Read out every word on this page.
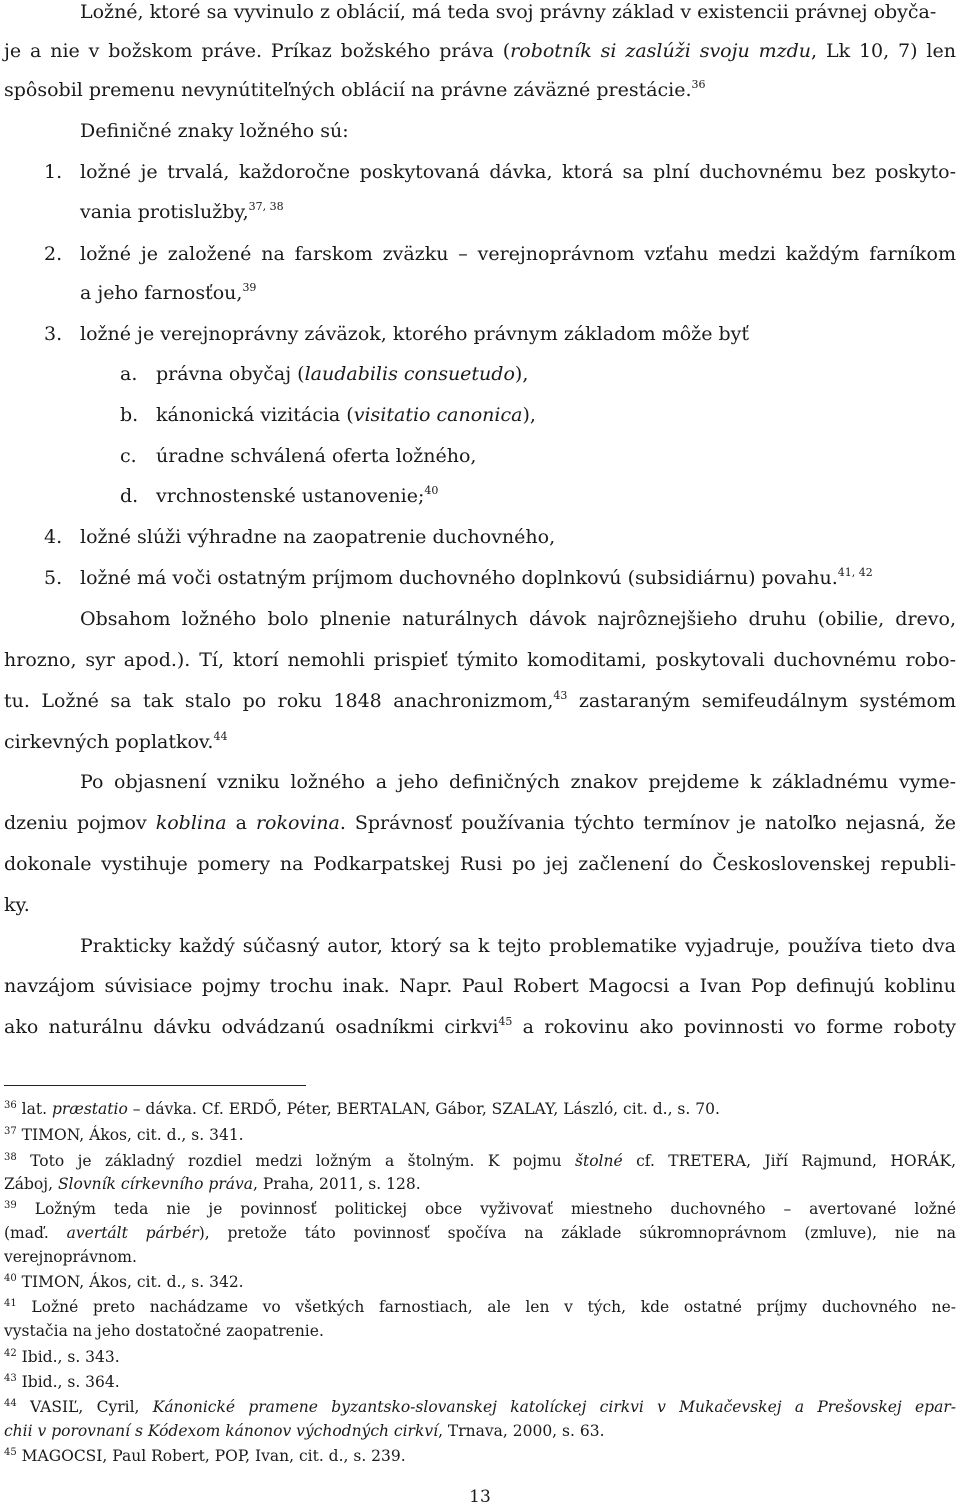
Ložné, ktoré sa vyvinulo z oblácií, má teda svoj právny základ v existencii právnej obyča-
je a nie v božskom práve. Príkaz božského práva (robotník si zaslúži svoju mzdu, Lk 10, 7) len
spôsobil premenu nevynútiteľných oblácií na právne záväzné prestácie.$^{36}$
Definičné znaky ložného sú:
1. ložné je trvalá, každoročne poskytovaná dávka, ktorá sa plní duchovnému bez poskyto-
vania protislužby,$^{37, 38}$
2. ložné je založené na farskom zväzku – verejnoprávnom vzťahu medzi každým farníkom
a jeho farnosťou,$^{39}$
3. ložné je verejnoprávny záväzok, ktorého právnym základom môže byť
a. právna obyčaj (laudabilis consuetudo),
b. kánonická vizitácia (visitatio canonica),
c.	úradne schválená oferta ložného,
d. vrchnostenské ustanovenie;$^{40}$
4. ložné slúži výhradne na zaopatrenie duchovného,
5. ložné má voči ostatným príjmom duchovného doplnkovú (subsidiárnu) povahu.$^{41, 42}$
Obsahom ložného bolo plnenie naturálnych dávok najrôznejšieho druhu (obilie, drevo,
hrozno, syr apod.). Tí, ktorí nemohli prispieť týmito komoditami, poskytovali duchovnému robo-
tu. Ložné sa tak stalo po roku 1848 anachronizmom,$^{43}$ zastaraným semifeudálnym systémom
cirkevných poplatkov.$^{44}$
Po objasnení vzniku ložného a jeho definičných znakov prejdeme k základnému vyme-
dzeniu pojmov koblina a rokovina. Správnosť používania týchto termínov je natoľko nejasná, že
dokonale vystihuje pomery na Podkarpatskej Rusi po jej začlenení do Československej republi-
ky.
Prakticky každý súčasný autor, ktorý sa k tejto problematike vyjadruje, používa tieto dva
navzájom súvisiace pojmy trochu inak. Napr. Paul Robert Magocsi a Ivan Pop definujú koblinu
ako naturálnu dávku odvádzanú osadníkmi cirkvi$^{45}$ a rokovinu ako povinnosti vo forme roboty
$^{36}$ lat. præstatio – dávka. Cf. ERDŐ, Péter, BERTALAN, Gábor, SZALAY, László, cit. d., s. 70.
$^{37}$ TIMON, Ákos, cit. d., s. 341.
$^{38}$ Toto je základný rozdiel medzi ložným a štolným. K pojmu štolné cf. TRETERA, Jiří Rajmund, HORÁK,
Záboj, Slovník církevního práva, Praha, 2011, s. 128.
$^{39}$ Ložným teda nie je povinnosť politickej obce vyživovať miestneho duchovného – avertované ložné
(maď. avertált párbér), pretože táto povinnosť spočíva na základe súkromnoprávnom (zmluve), nie na
verejnoprávnom.
$^{40}$ TIMON, Ákos, cit. d., s. 342.
$^{41}$ Ložné preto nachádzame vo všetkých farnostiach, ale len v tých, kde ostatné príjmy duchovného ne-
vystačia na jeho dostatočné zaopatrenie.
$^{42}$ Ibid., s. 343.
$^{43}$ Ibid., s. 364.
$^{44}$ VASIĽ, Cyril, Kánonické pramene byzantsko-slovanskej katolíckej cirkvi v Mukačevskej a Prešovskej epar-
chii v porovnaní s Kódexom kánonov východných cirkví, Trnava, 2000, s. 63.
$^{45}$ MAGOCSI, Paul Robert, POP, Ivan, cit. d., s. 239.
13
